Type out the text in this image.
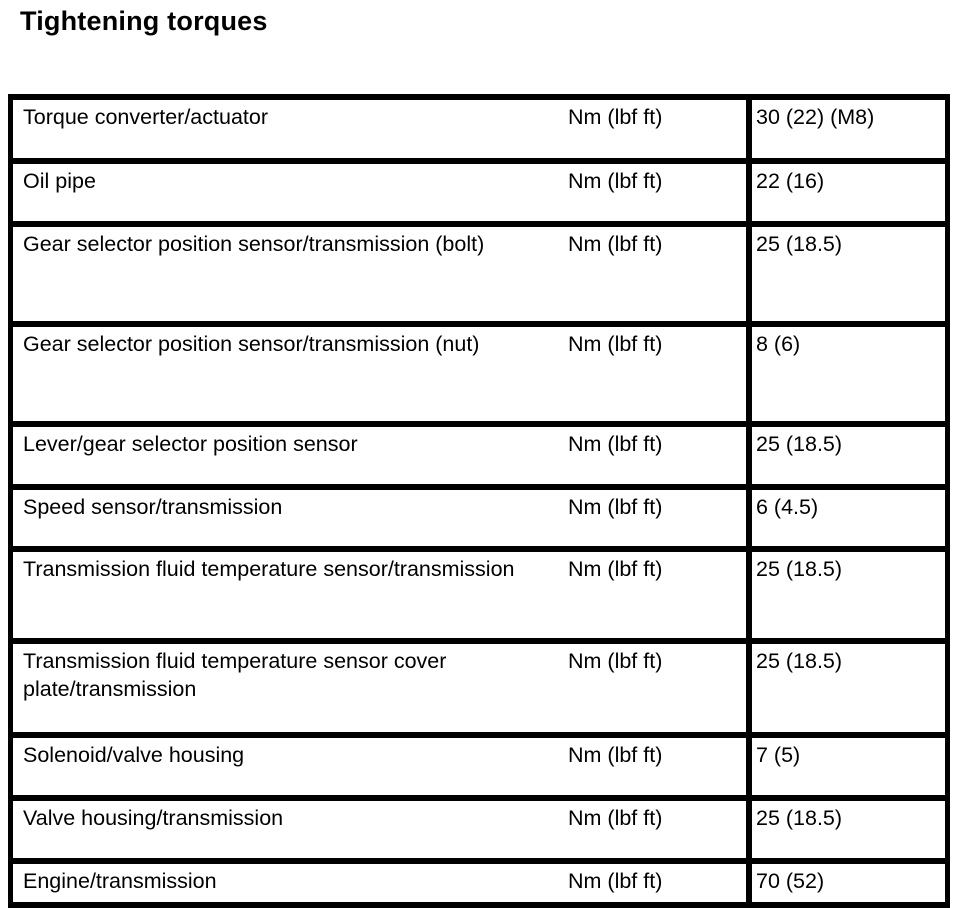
Tightening torques
Torque converter/actuator	Nm (lbf ft)	30 (22) (M8)
Oil pipe	Nm (lbf ft)	22 (16)
Gear selector position sensor/transmission (bolt)	Nm (lbf ft)	25 (18.5)
Gear selector position sensor/transmission (nut)	Nm (lbf ft)	8 (6)
Lever/gear selector position sensor	Nm (lbf ft)	25 (18.5)
Speed sensor/transmission	Nm (lbf ft)	6 (4.5)
Transmission fluid temperature sensor/transmission	Nm (lbf ft)	25 (18.5)
Transmission fluid temperature sensor cover plate/transmission	Nm (lbf ft)	25 (18.5)
Solenoid/valve housing	Nm (lbf ft)	7 (5)
Valve housing/transmission	Nm (lbf ft)	25 (18.5)
Engine/transmission	Nm (lbf ft)	70 (52)
